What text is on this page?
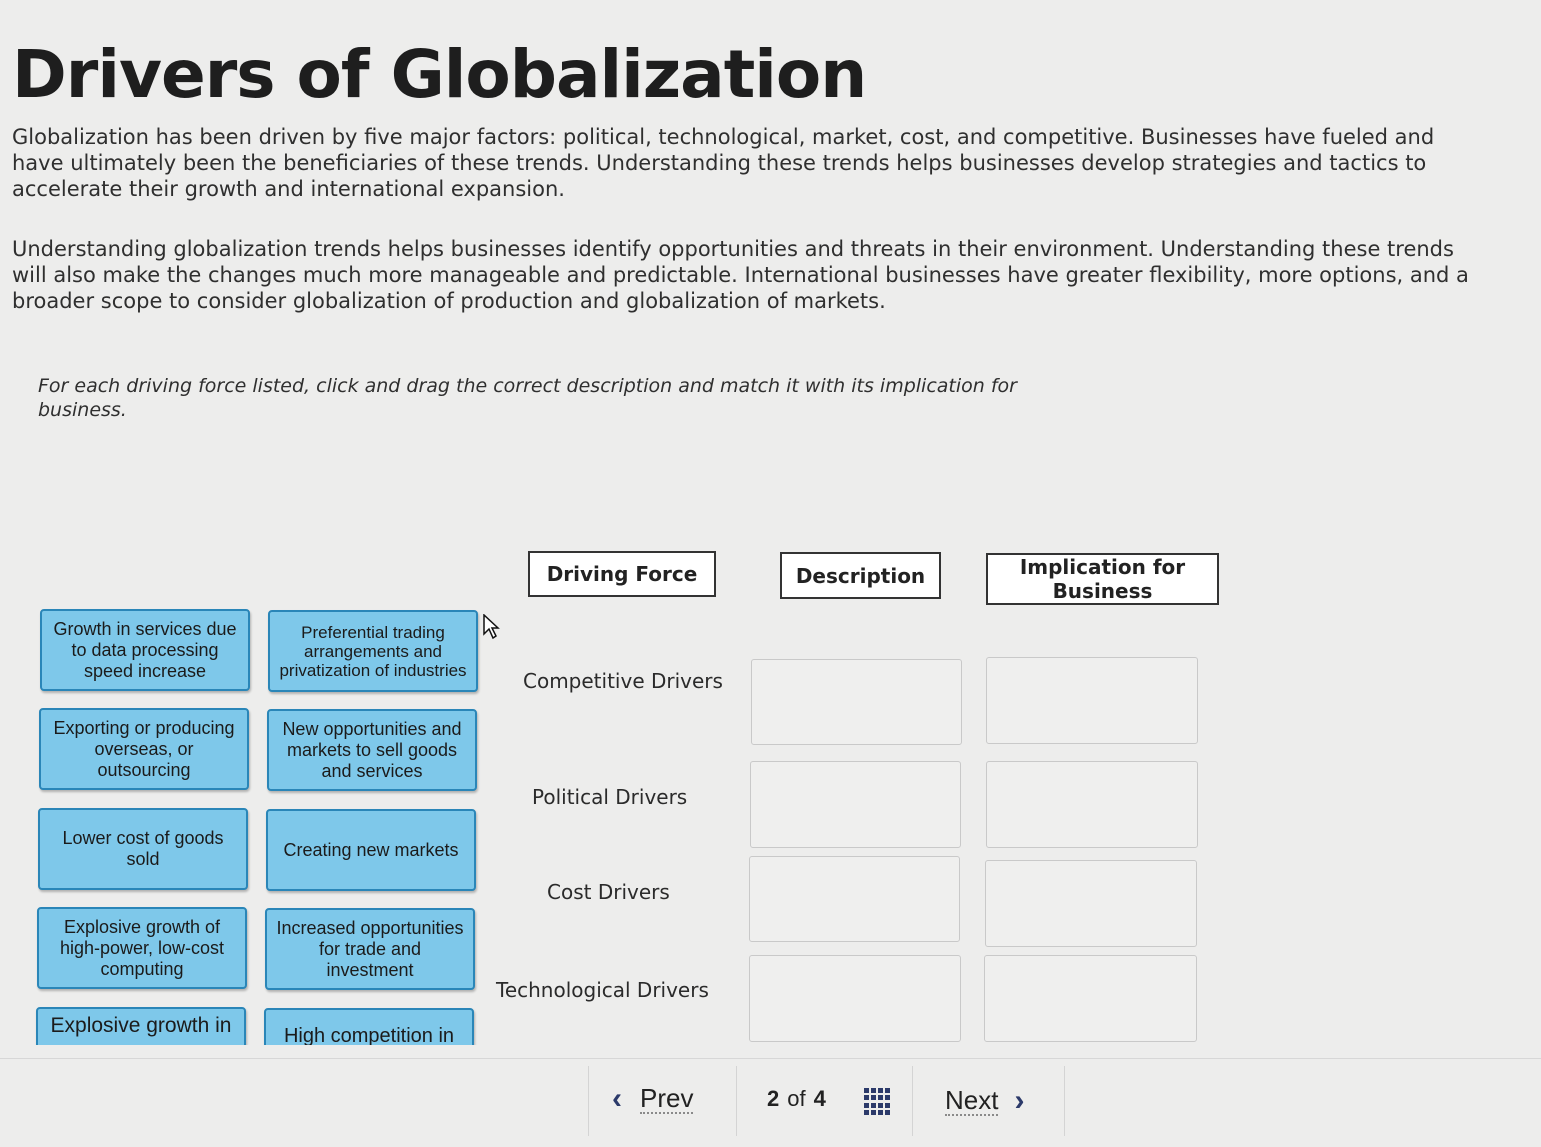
Drivers of Globalization

Globalization has been driven by five major factors: political, technological, market, cost, and competitive. Businesses have fueled and have ultimately been the beneficiaries of these trends. Understanding these trends helps businesses develop strategies and tactics to accelerate their growth and international expansion.

Understanding globalization trends helps businesses identify opportunities and threats in their environment. Understanding these trends will also make the changes much more manageable and predictable. International businesses have greater flexibility, more options, and a broader scope to consider globalization of production and globalization of markets.

For each driving force listed, click and drag the correct description and match it with its implication for business.

Driving Force	Description	Implication for Business
Growth in services due to data processing speed increase
Preferential trading arrangements and privatization of industries
Exporting or producing overseas, or outsourcing
New opportunities and markets to sell goods and services
Lower cost of goods sold	Creating new markets
Explosive growth of high-power, low-cost computing
Increased opportunities for trade and investment
Explosive growth in	High competition in
Competitive Drivers
Political Drivers
Cost Drivers
Technological Drivers
‹ Prev	2 of 4	Next ›
